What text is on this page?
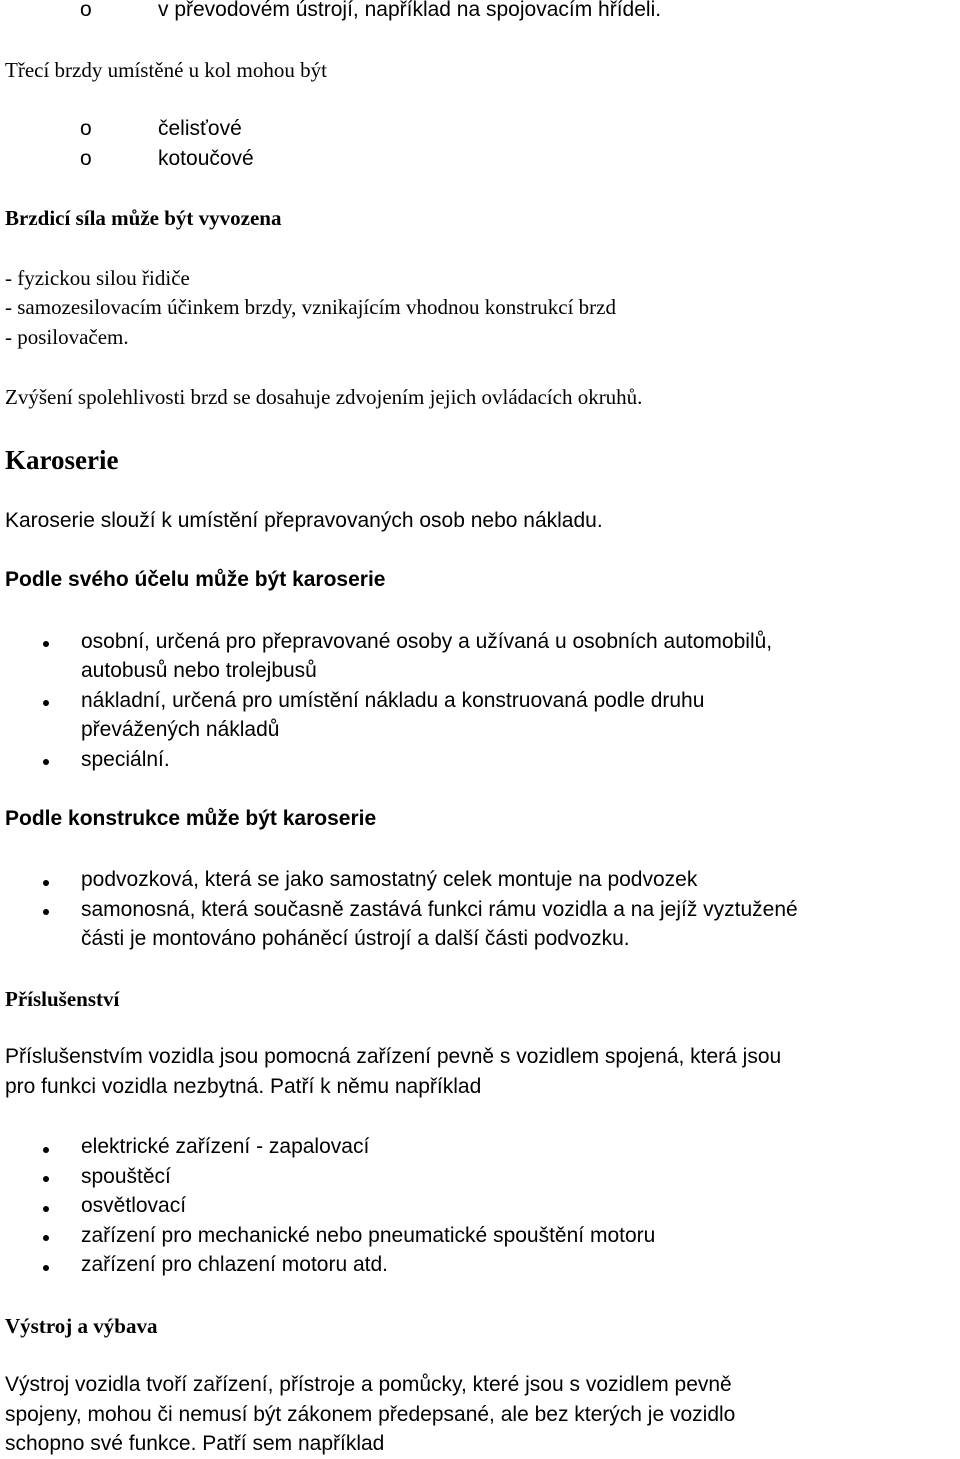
o	v převodovém ústrojí, například na spojovacím hřídeli.
Třecí brzdy umístěné u kol mohou být
o	čelisťové
o	kotoučové
Brzdicí síla může být vyvozena
- fyzickou silou řidiče
- samozesilovacím účinkem brzdy, vznikajícím vhodnou konstrukcí brzd
- posilovačem.
Zvýšení spolehlivosti brzd se dosahuje zdvojením jejich ovládacích okruhů.
Karoserie
Karoserie slouží k umístění přepravovaných osob nebo nákladu.
Podle svého účelu může být karoserie
osobní, určená pro přepravované osoby a užívaná u osobních automobilů,
autobusů nebo trolejbusů
nákladní, určená pro umístění nákladu a konstruovaná podle druhu
převážených nákladů
speciální.
Podle konstrukce může být karoserie
podvozková, která se jako samostatný celek montuje na podvozek
samonosná, která současně zastává funkci rámu vozidla a na jejíž vyztužené
části je montováno poháněcí ústrojí a další části podvozku.
Příslušenství
Příslušenstvím vozidla jsou pomocná zařízení pevně s vozidlem spojená, která jsou
pro funkci vozidla nezbytná. Patří k němu například
elektrické zařízení - zapalovací
spouštěcí
osvětlovací
zařízení pro mechanické nebo pneumatické spouštění motoru
zařízení pro chlazení motoru atd.
Výstroj a výbava
Výstroj vozidla tvoří zařízení, přístroje a pomůcky, které jsou s vozidlem pevně
spojeny, mohou či nemusí být zákonem předepsané, ale bez kterých je vozidlo
schopno své funkce. Patří sem například
